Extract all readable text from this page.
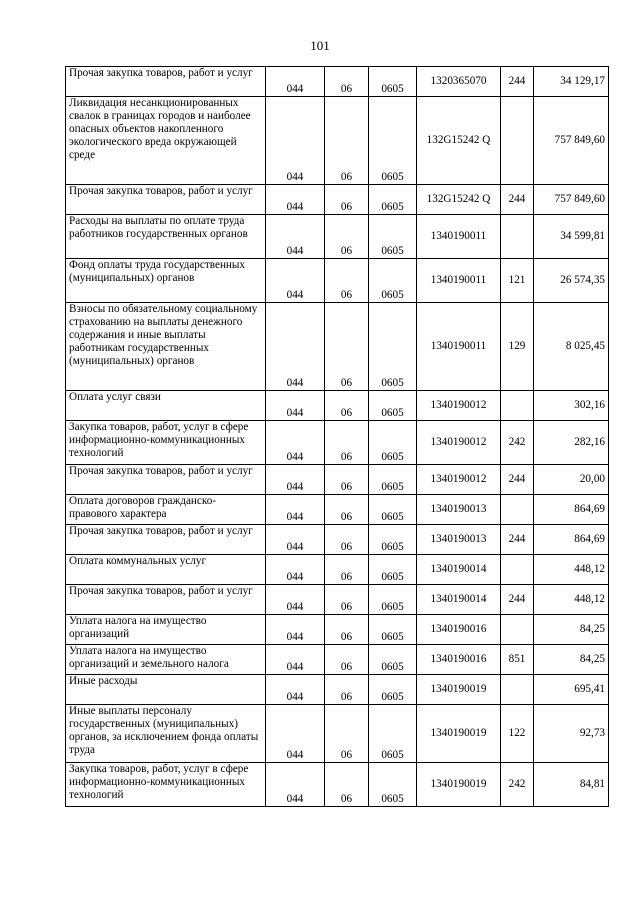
101
Прочая закупка товаров, работ и услуг	044	06	0605	1320365070	244	34 129,17
Ликвидация несанкционированных свалок в границах городов и наиболее опасных объектов накопленного экологического вреда окружающей среде	044	06	0605	132G15242 Q		757 849,60
Прочая закупка товаров, работ и услуг	044	06	0605	132G15242 Q	244	757 849,60
Расходы на выплаты по оплате труда работников государственных органов	044	06	0605	1340190011		34 599,81
Фонд оплаты труда государственных (муниципальных) органов	044	06	0605	1340190011	121	26 574,35
Взносы по обязательному социальному страхованию на выплаты денежного содержания и иные выплаты работникам государственных (муниципальных) органов	044	06	0605	1340190011	129	8 025,45
Оплата услуг связи	044	06	0605	1340190012		302,16
Закупка товаров, работ, услуг в сфере информационно-коммуникационных технологий	044	06	0605	1340190012	242	282,16
Прочая закупка товаров, работ и услуг	044	06	0605	1340190012	244	20,00
Оплата договоров гражданско-правового характера	044	06	0605	1340190013		864,69
Прочая закупка товаров, работ и услуг	044	06	0605	1340190013	244	864,69
Оплата коммунальных услуг	044	06	0605	1340190014		448,12
Прочая закупка товаров, работ и услуг	044	06	0605	1340190014	244	448,12
Уплата налога на имущество организаций	044	06	0605	1340190016		84,25
Уплата налога на имущество организаций и земельного налога	044	06	0605	1340190016	851	84,25
Иные расходы	044	06	0605	1340190019		695,41
Иные выплаты персоналу государственных (муниципальных) органов, за исключением фонда оплаты труда	044	06	0605	1340190019	122	92,73
Закупка товаров, работ, услуг в сфере информационно-коммуникационных технологий	044	06	0605	1340190019	242	84,81
